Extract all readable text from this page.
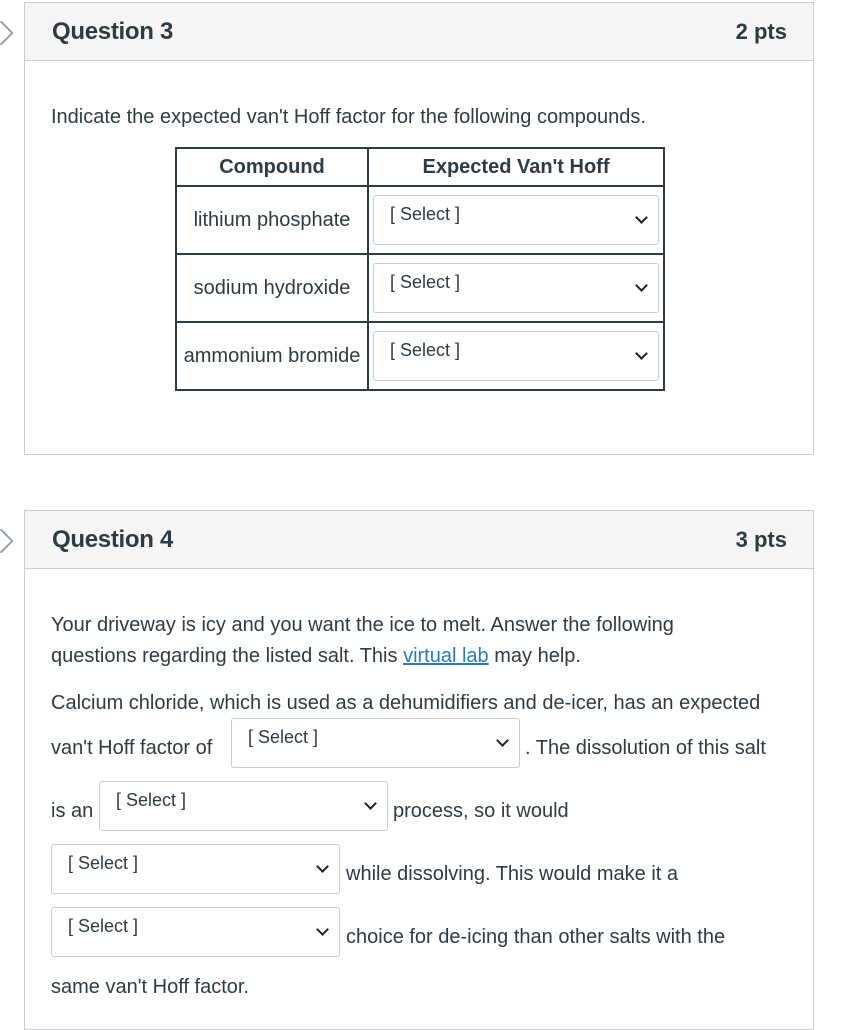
Question 3	2 pts
Indicate the expected van't Hoff factor for the following compounds.
Compound	Expected Van't Hoff
lithium phosphate	[ Select ]

sodium hydroxide	[ Select ]

ammonium bromide	[ Select ]
Question 4	3 pts
Your driveway is icy and you want the ice to melt. Answer the following
questions regarding the listed salt. This virtual lab may help.
Calcium chloride, which is used as a dehumidifiers and de-icer, has an expected
van't Hoff factor of
[ Select ]
. The dissolution of this salt
is an
[ Select ]
process, so it would
[ Select ]
while dissolving. This would make it a
[ Select ]
choice for de-icing than other salts with the
same van't Hoff factor.
